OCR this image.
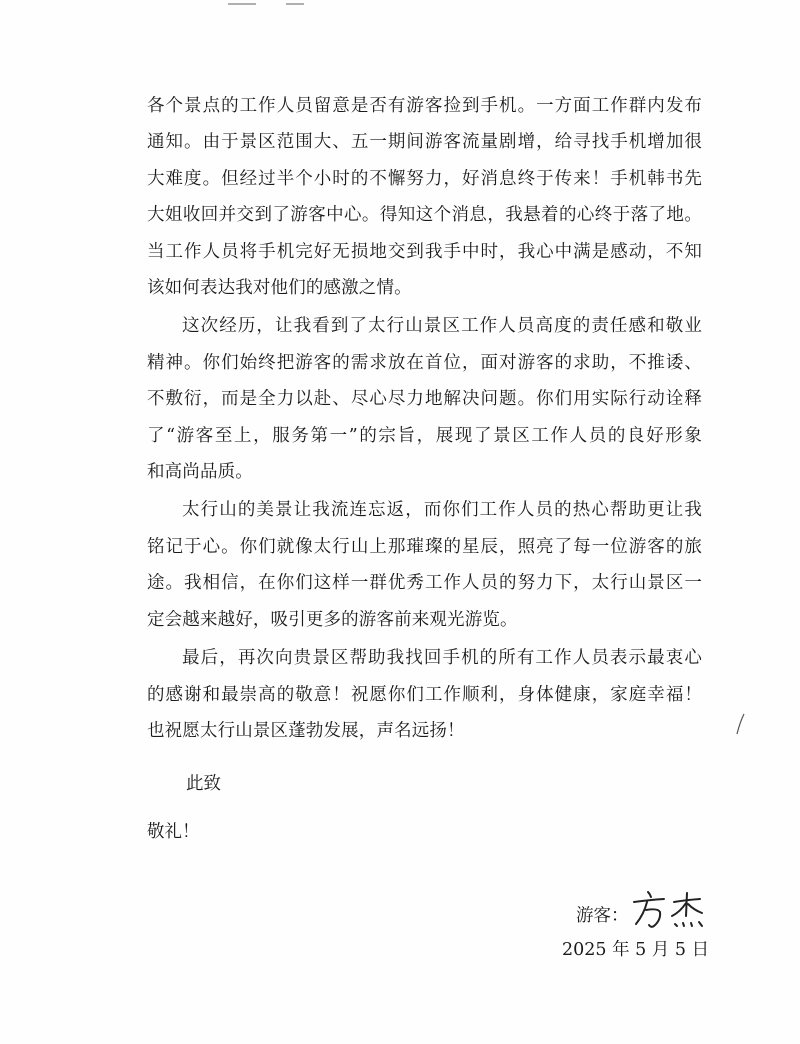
各个景点的工作人员留意是否有游客捡到手机。一方面工作群内发布
通知。由于景区范围大、五一期间游客流量剧增，给寻找手机增加很
大难度。但经过半个小时的不懈努力，好消息终于传来！手机韩书先
大姐收回并交到了游客中心。得知这个消息，我悬着的心终于落了地。
当工作人员将手机完好无损地交到我手中时，我心中满是感动，不知
该如何表达我对他们的感激之情。
这次经历，让我看到了太行山景区工作人员高度的责任感和敬业
精神。你们始终把游客的需求放在首位，面对游客的求助，不推诿、
不敷衍，而是全力以赴、尽心尽力地解决问题。你们用实际行动诠释
了“游客至上，服务第一”的宗旨，展现了景区工作人员的良好形象
和高尚品质。
太行山的美景让我流连忘返，而你们工作人员的热心帮助更让我
铭记于心。你们就像太行山上那璀璨的星辰，照亮了每一位游客的旅
途。我相信，在你们这样一群优秀工作人员的努力下，太行山景区一
定会越来越好，吸引更多的游客前来观光游览。
最后，再次向贵景区帮助我找回手机的所有工作人员表示最衷心
的感谢和最崇高的敬意！祝愿你们工作顺利，身体健康，家庭幸福！
也祝愿太行山景区蓬勃发展，声名远扬！
此致
敬礼！
游客：
2025 年 5 月 5 日
